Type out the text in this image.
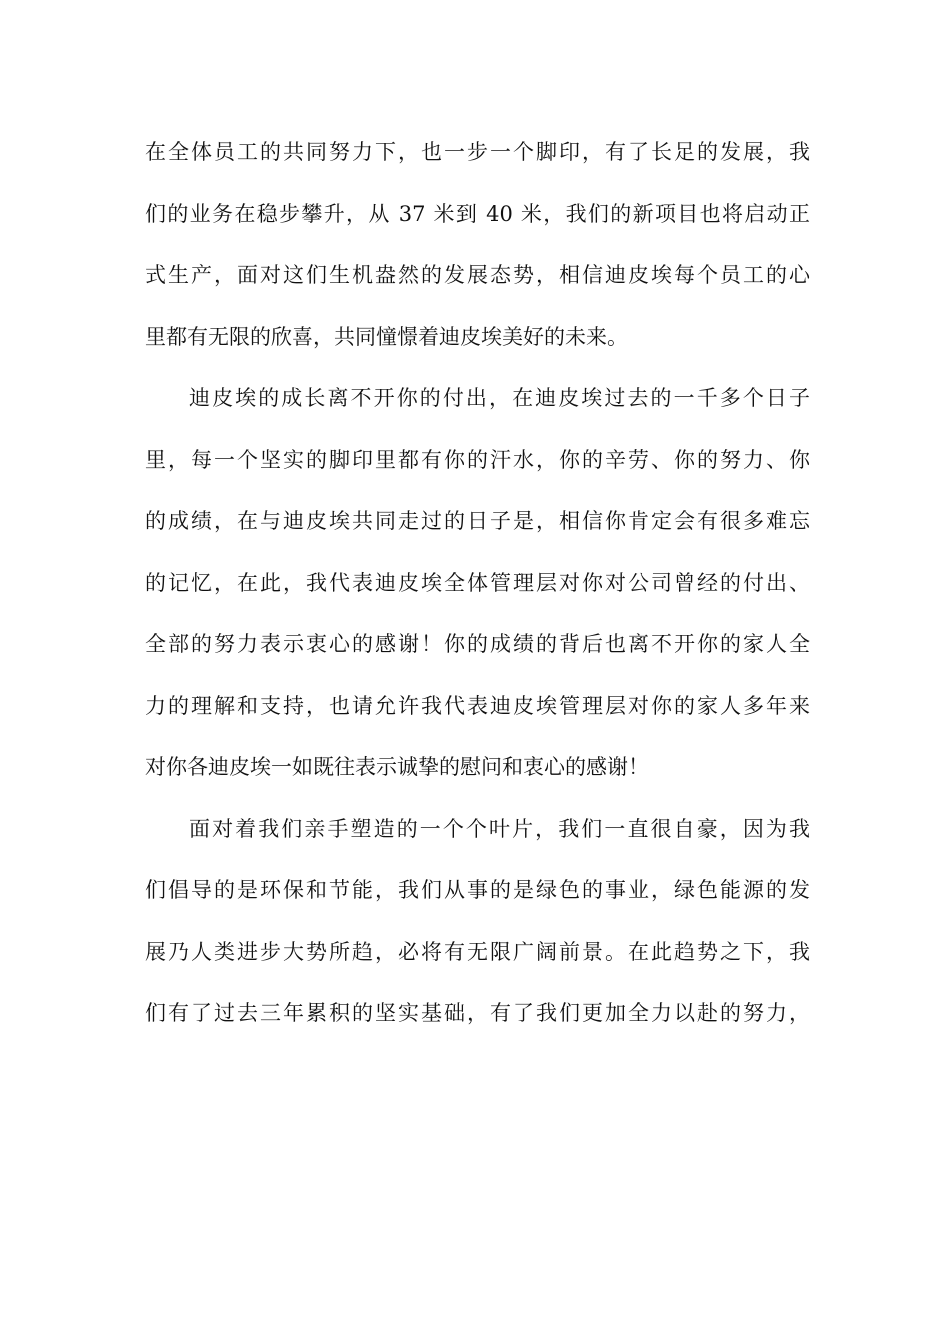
在全体员工的共同努力下，也一步一个脚印，有了长足的发展，我
们的业务在稳步攀升，从 37 米到 40 米，我们的新项目也将启动正
式生产，面对这们生机盎然的发展态势，相信迪皮埃每个员工的心
里都有无限的欣喜，共同憧憬着迪皮埃美好的未来。

迪皮埃的成长离不开你的付出，在迪皮埃过去的一千多个日子
里，每一个坚实的脚印里都有你的汗水，你的辛劳、你的努力、你
的成绩，在与迪皮埃共同走过的日子是，相信你肯定会有很多难忘
的记忆，在此，我代表迪皮埃全体管理层对你对公司曾经的付出、
全部的努力表示衷心的感谢！你的成绩的背后也离不开你的家人全
力的理解和支持，也请允许我代表迪皮埃管理层对你的家人多年来
对你各迪皮埃一如既往表示诚挚的慰问和衷心的感谢！

面对着我们亲手塑造的一个个叶片，我们一直很自豪，因为我
们倡导的是环保和节能，我们从事的是绿色的事业，绿色能源的发
展乃人类进步大势所趋，必将有无限广阔前景。在此趋势之下，我
们有了过去三年累积的坚实基础，有了我们更加全力以赴的努力，
